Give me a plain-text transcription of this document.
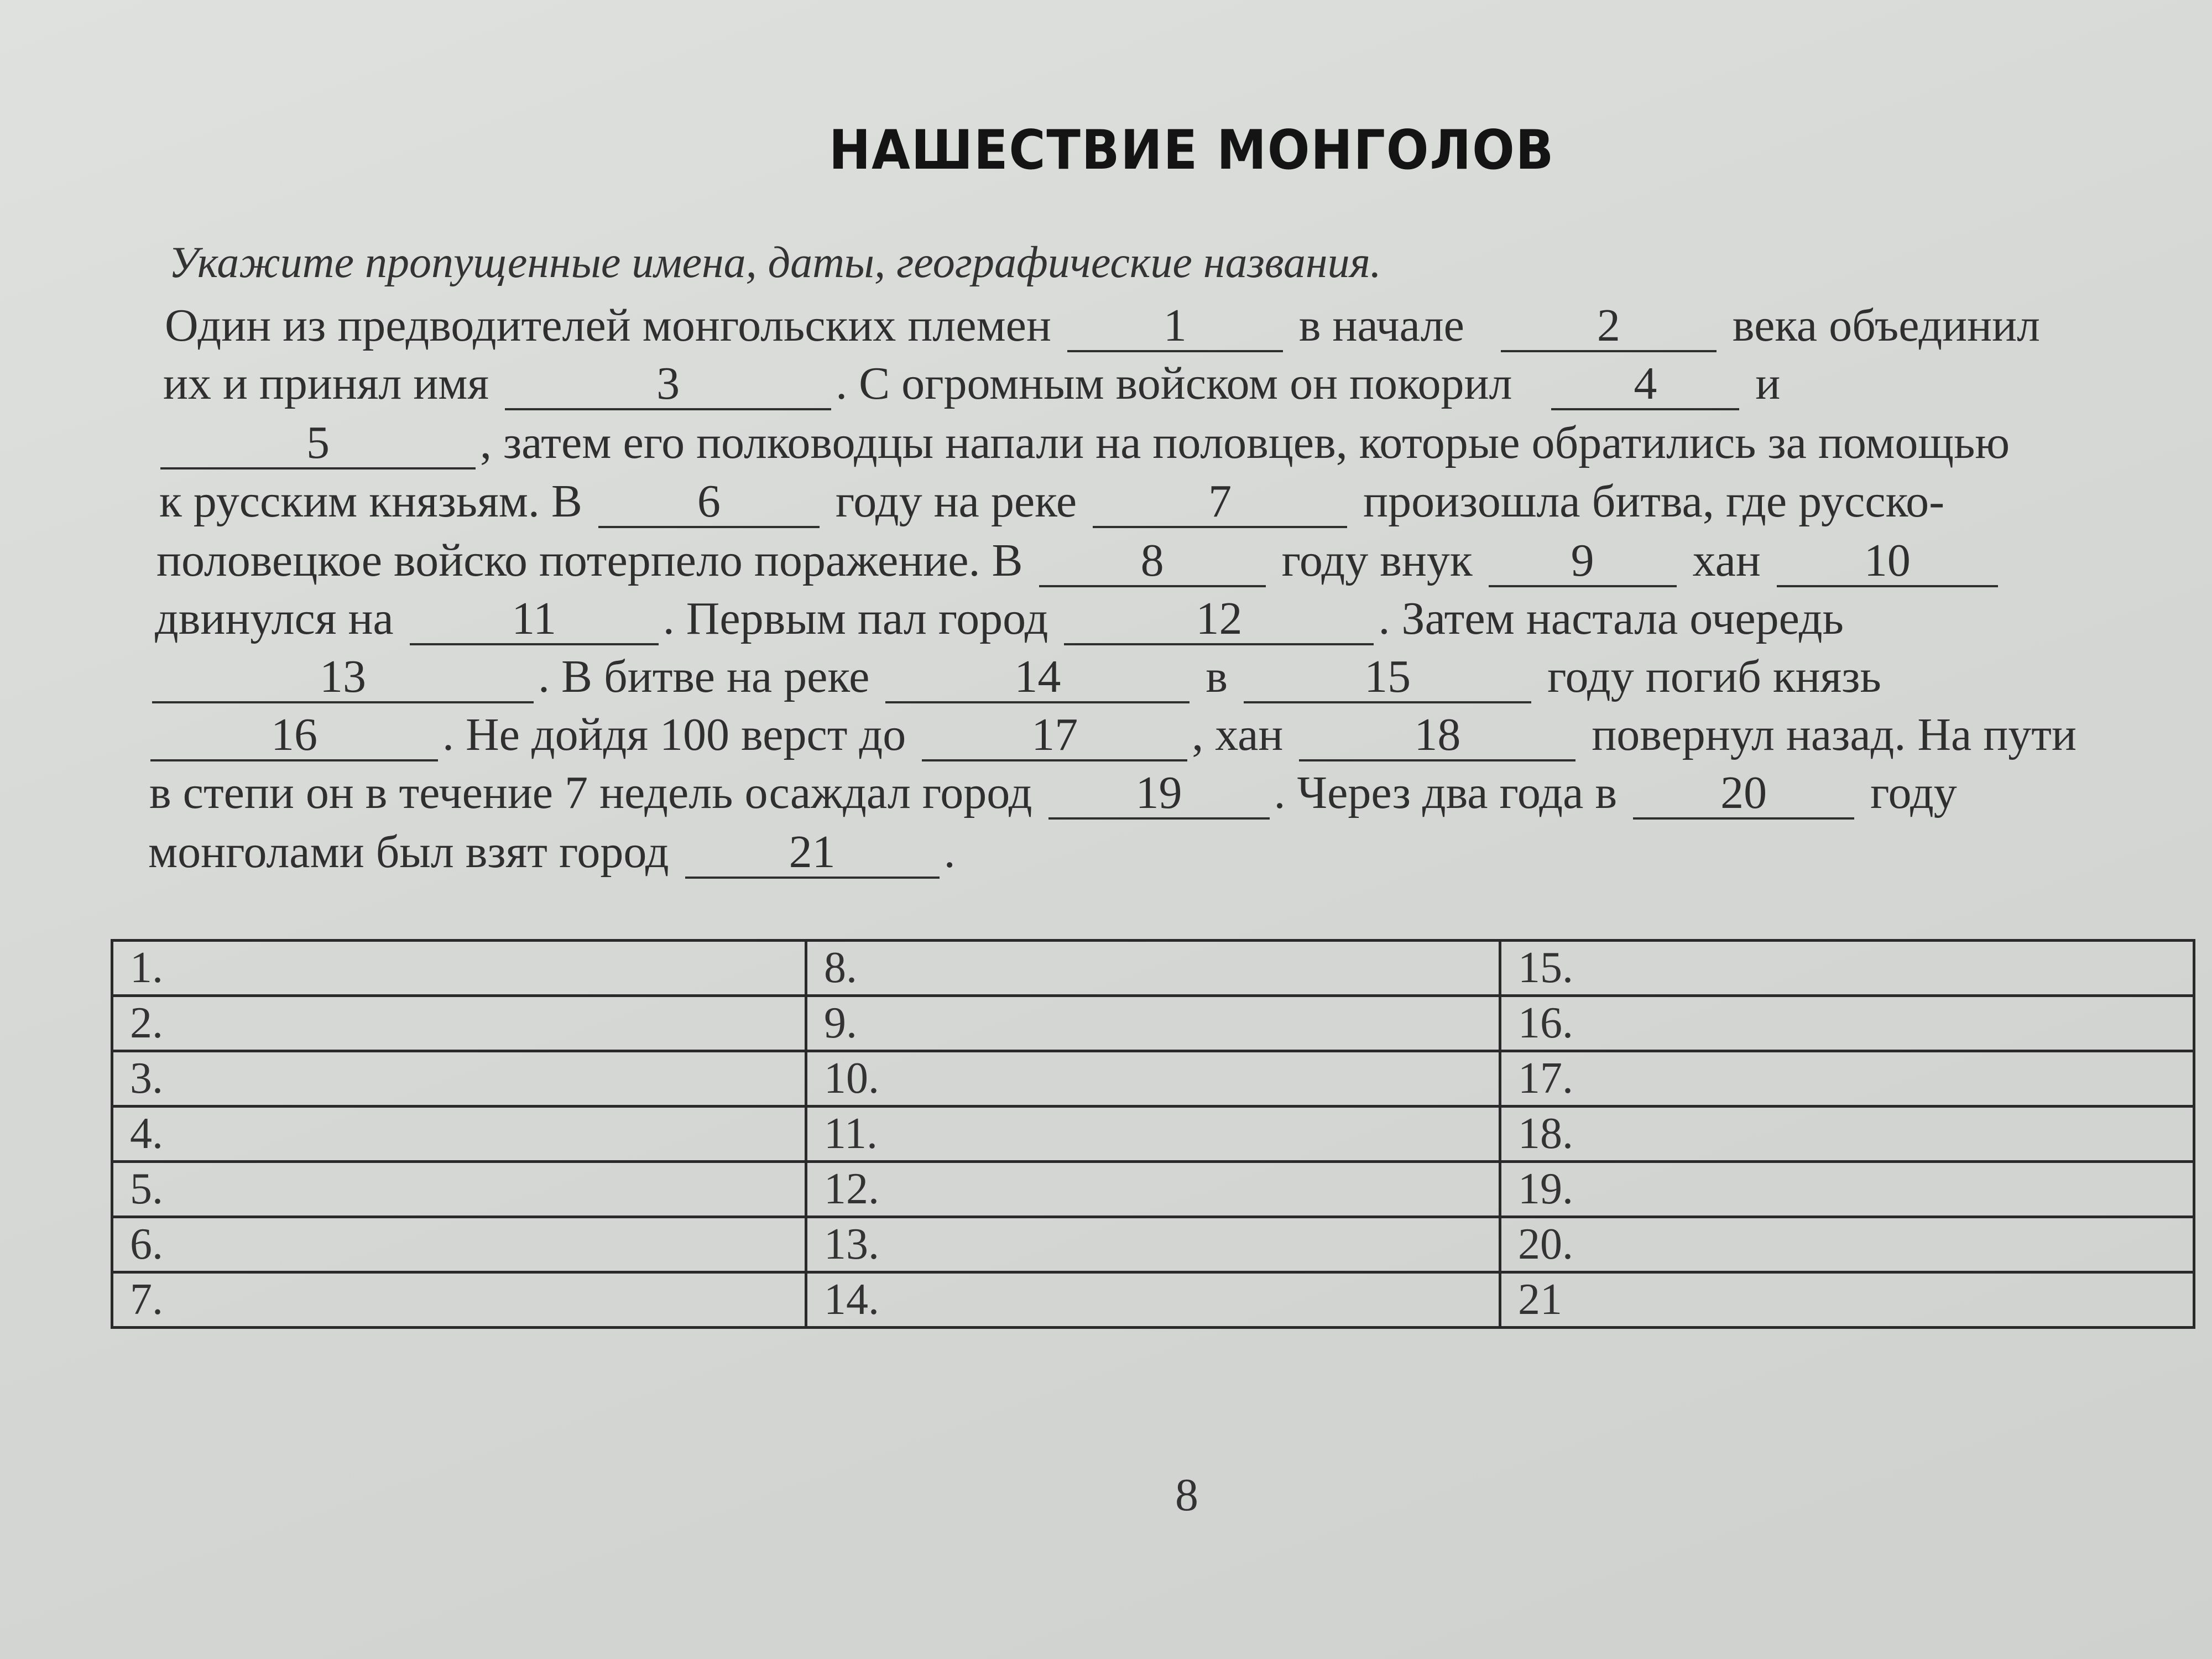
НАШЕСТВИЕ МОНГОЛОВ
Укажите пропущенные имена, даты, географические названия.
Один из предводителей монгольских племен 1 в начале	2 века объединил
их и принял имя	3	. С огромным войском он покорил	4 и
5	, затем его полководцы напали на половцев, которые обратились за помощью
к русским князьям. В 6 году на реке	7	произошла битва, где русско-
половецкое войско потерпело поражение. В	8	году внук 9 хан 10
двинулся на	11 . Первым пал город	12	. Затем настала очередь
13	. В битве на реке	14	в	15	году погиб князь
16	. Не дойдя 100 верст до	17 , хан	18	повернул назад. На пути
в степи он в течение 7 недель осаждал город 19 . Через два года в 20 году
монголами был взят город	21 .
1.	8.	15.
2.	9.	16.
3.	10.	17.
4.	11.	18.
5.	12.	19.
6.	13.	20.
7.	14.	21
8
